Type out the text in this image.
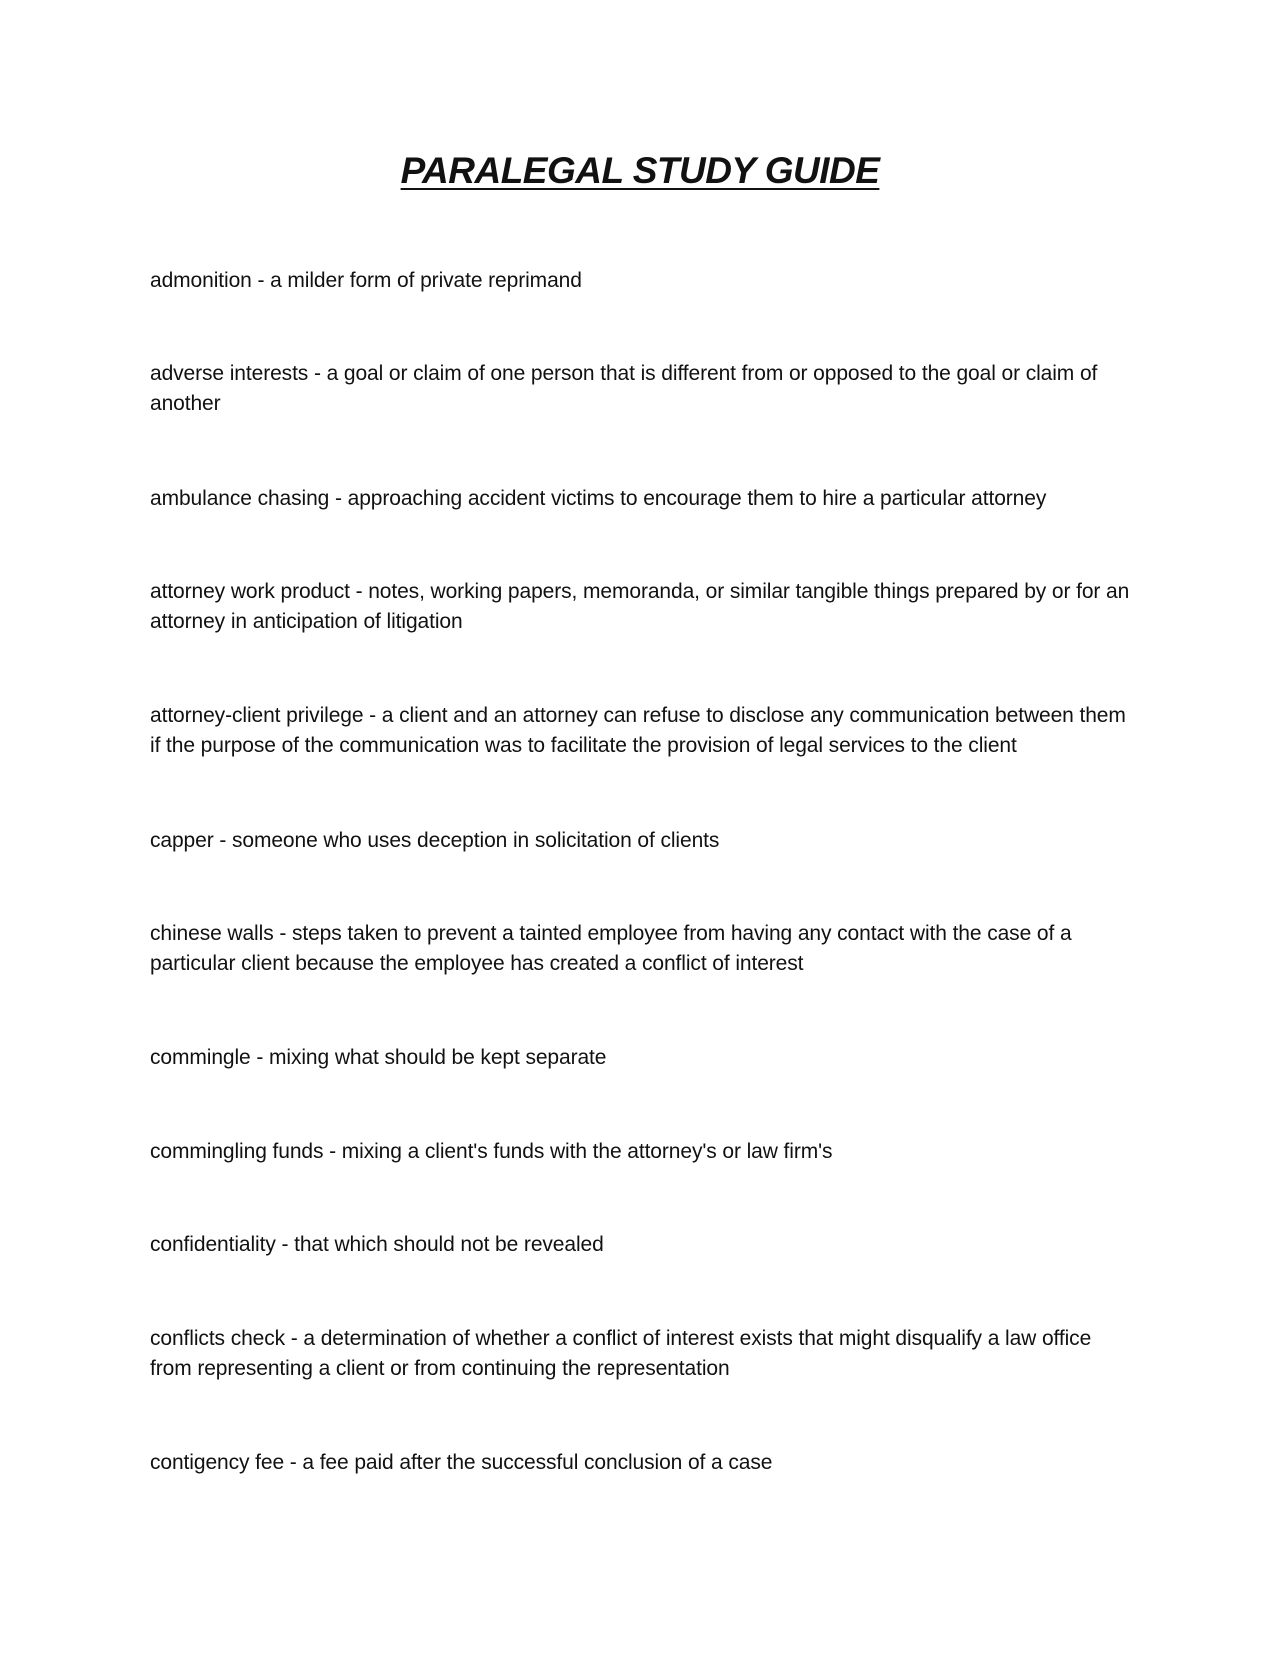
PARALEGAL STUDY GUIDE
admonition - a milder form of private reprimand
adverse interests - a goal or claim of one person that is different from or opposed to the goal or claim of another
ambulance chasing - approaching accident victims to encourage them to hire a particular attorney
attorney work product - notes, working papers, memoranda, or similar tangible things prepared by or for an attorney in anticipation of litigation
attorney-client privilege - a client and an attorney can refuse to disclose any communication between them if the purpose of the communication was to facilitate the provision of legal services to the client
capper - someone who uses deception in solicitation of clients
chinese walls - steps taken to prevent a tainted employee from having any contact with the case of a particular client because the employee has created a conflict of interest
commingle - mixing what should be kept separate
commingling funds - mixing a client's funds with the attorney's or law firm's
confidentiality - that which should not be revealed
conflicts check - a determination of whether a conflict of interest exists that might disqualify a law office from representing a client or from continuing the representation
contigency fee - a fee paid after the successful conclusion of a case
